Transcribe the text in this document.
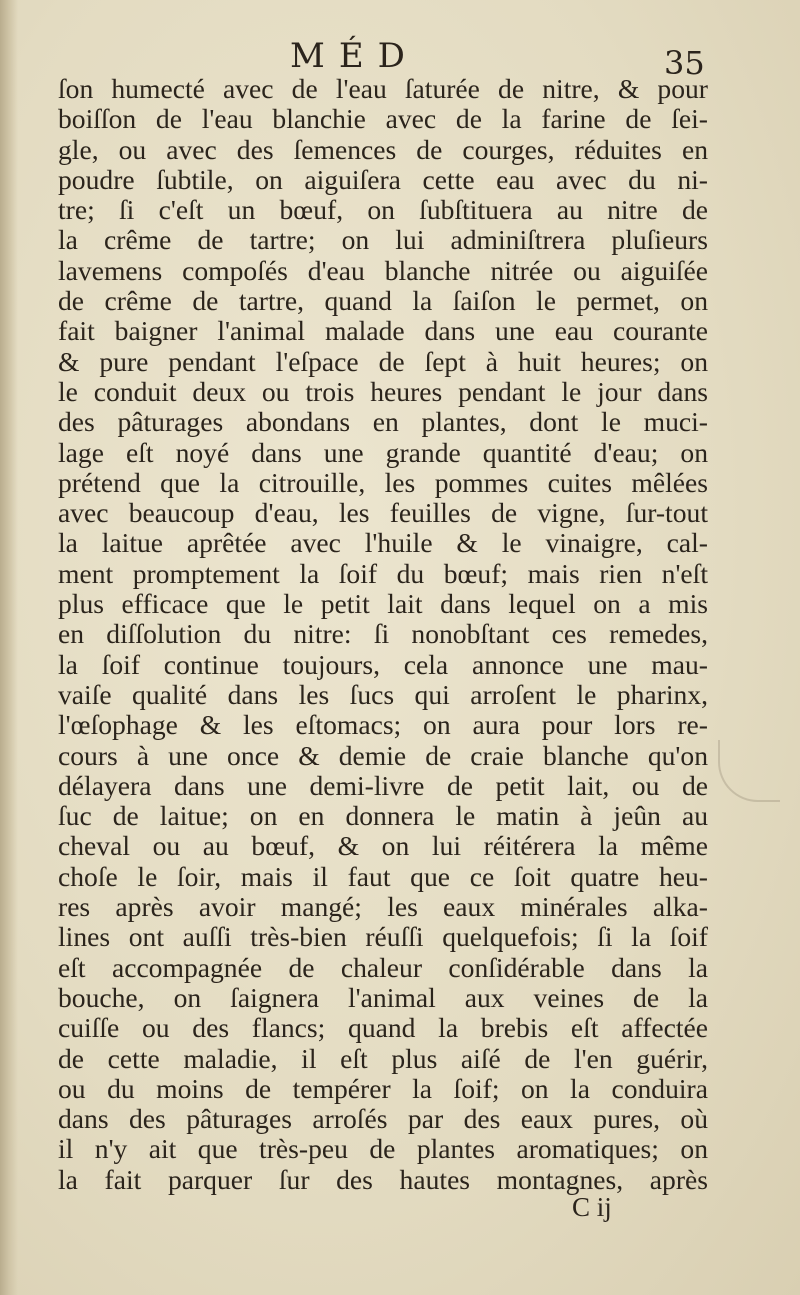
MÉD	35
ſon humecté avec de l'eau ſaturée de nitre, & pour
boiſſon de l'eau blanchie avec de la farine de ſei-
gle, ou avec des ſemences de courges, réduites en
poudre ſubtile, on aiguiſera cette eau avec du ni-
tre; ſi c'eſt un bœuf, on ſubſtituera au nitre de
la crême de tartre; on lui adminiſtrera pluſieurs
lavemens compoſés d'eau blanche nitrée ou aiguiſée
de crême de tartre, quand la ſaiſon le permet, on
fait baigner l'animal malade dans une eau courante
& pure pendant l'eſpace de ſept à huit heures; on
le conduit deux ou trois heures pendant le jour dans
des pâturages abondans en plantes, dont le muci-
lage eſt noyé dans une grande quantité d'eau; on
prétend que la citrouille, les pommes cuites mêlées
avec beaucoup d'eau, les feuilles de vigne, ſur-tout
la laitue aprêtée avec l'huile & le vinaigre, cal-
ment promptement la ſoif du bœuf; mais rien n'eſt
plus efficace que le petit lait dans lequel on a mis
en diſſolution du nitre: ſi nonobſtant ces remedes,
la ſoif continue toujours, cela annonce une mau-
vaiſe qualité dans les ſucs qui arroſent le pharinx,
l'œſophage & les eſtomacs; on aura pour lors re-
cours à une once & demie de craie blanche qu'on
délayera dans une demi-livre de petit lait, ou de
ſuc de laitue; on en donnera le matin à jeûn au
cheval ou au bœuf, & on lui réitérera la même
choſe le ſoir, mais il faut que ce ſoit quatre heu-
res après avoir mangé; les eaux minérales alka-
lines ont auſſi très-bien réuſſi quelquefois; ſi la ſoif
eſt accompagnée de chaleur conſidérable dans la
bouche, on ſaignera l'animal aux veines de la
cuiſſe ou des flancs; quand la brebis eſt affectée
de cette maladie, il eſt plus aiſé de l'en guérir,
ou du moins de tempérer la ſoif; on la conduira
dans des pâturages arroſés par des eaux pures, où
il n'y ait que très-peu de plantes aromatiques; on
la fait parquer ſur des hautes montagnes, après
C ij
